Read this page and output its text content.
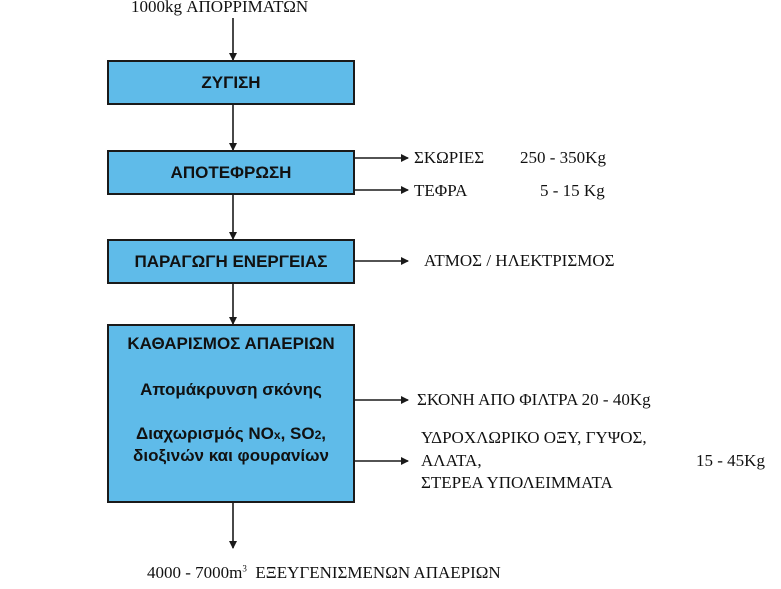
1000kg ΑΠΟΡΡΙΜΑΤΩΝ
ΖΥΓΙΣΗ
ΑΠΟΤΕΦΡΩΣΗ
ΠΑΡΑΓΩΓΗ ΕΝΕΡΓΕΙΑΣ
ΚΑΘΑΡΙΣΜΟΣ ΑΠΑΕΡΙΩΝ
Απομάκρυνση σκόνης
Διαχωρισμός NOx, SO2,
διοξινών και φουρανίων
ΣΚΩΡΙΕΣ 250 - 350Kg
ΤΕΦΡΑ	5 - 15 Kg
ΑΤΜΟΣ / ΗΛΕΚΤΡΙΣΜΟΣ
ΣΚΟΝΗ ΑΠΟ ΦΙΛΤΡΑ 20 - 40Kg
ΥΔΡΟΧΛΩΡΙΚΟ ΟΞΥ, ΓΥΨΟΣ,
ΑΛΑΤΑ,	15 - 45Kg
ΣΤΕΡΕΑ ΥΠΟΛΕΙΜΜΑΤΑ
$4000 - 7000m^3$ ΕΞΕΥΓΕΝΙΣΜΕΝΩΝ ΑΠΑΕΡΙΩΝ
